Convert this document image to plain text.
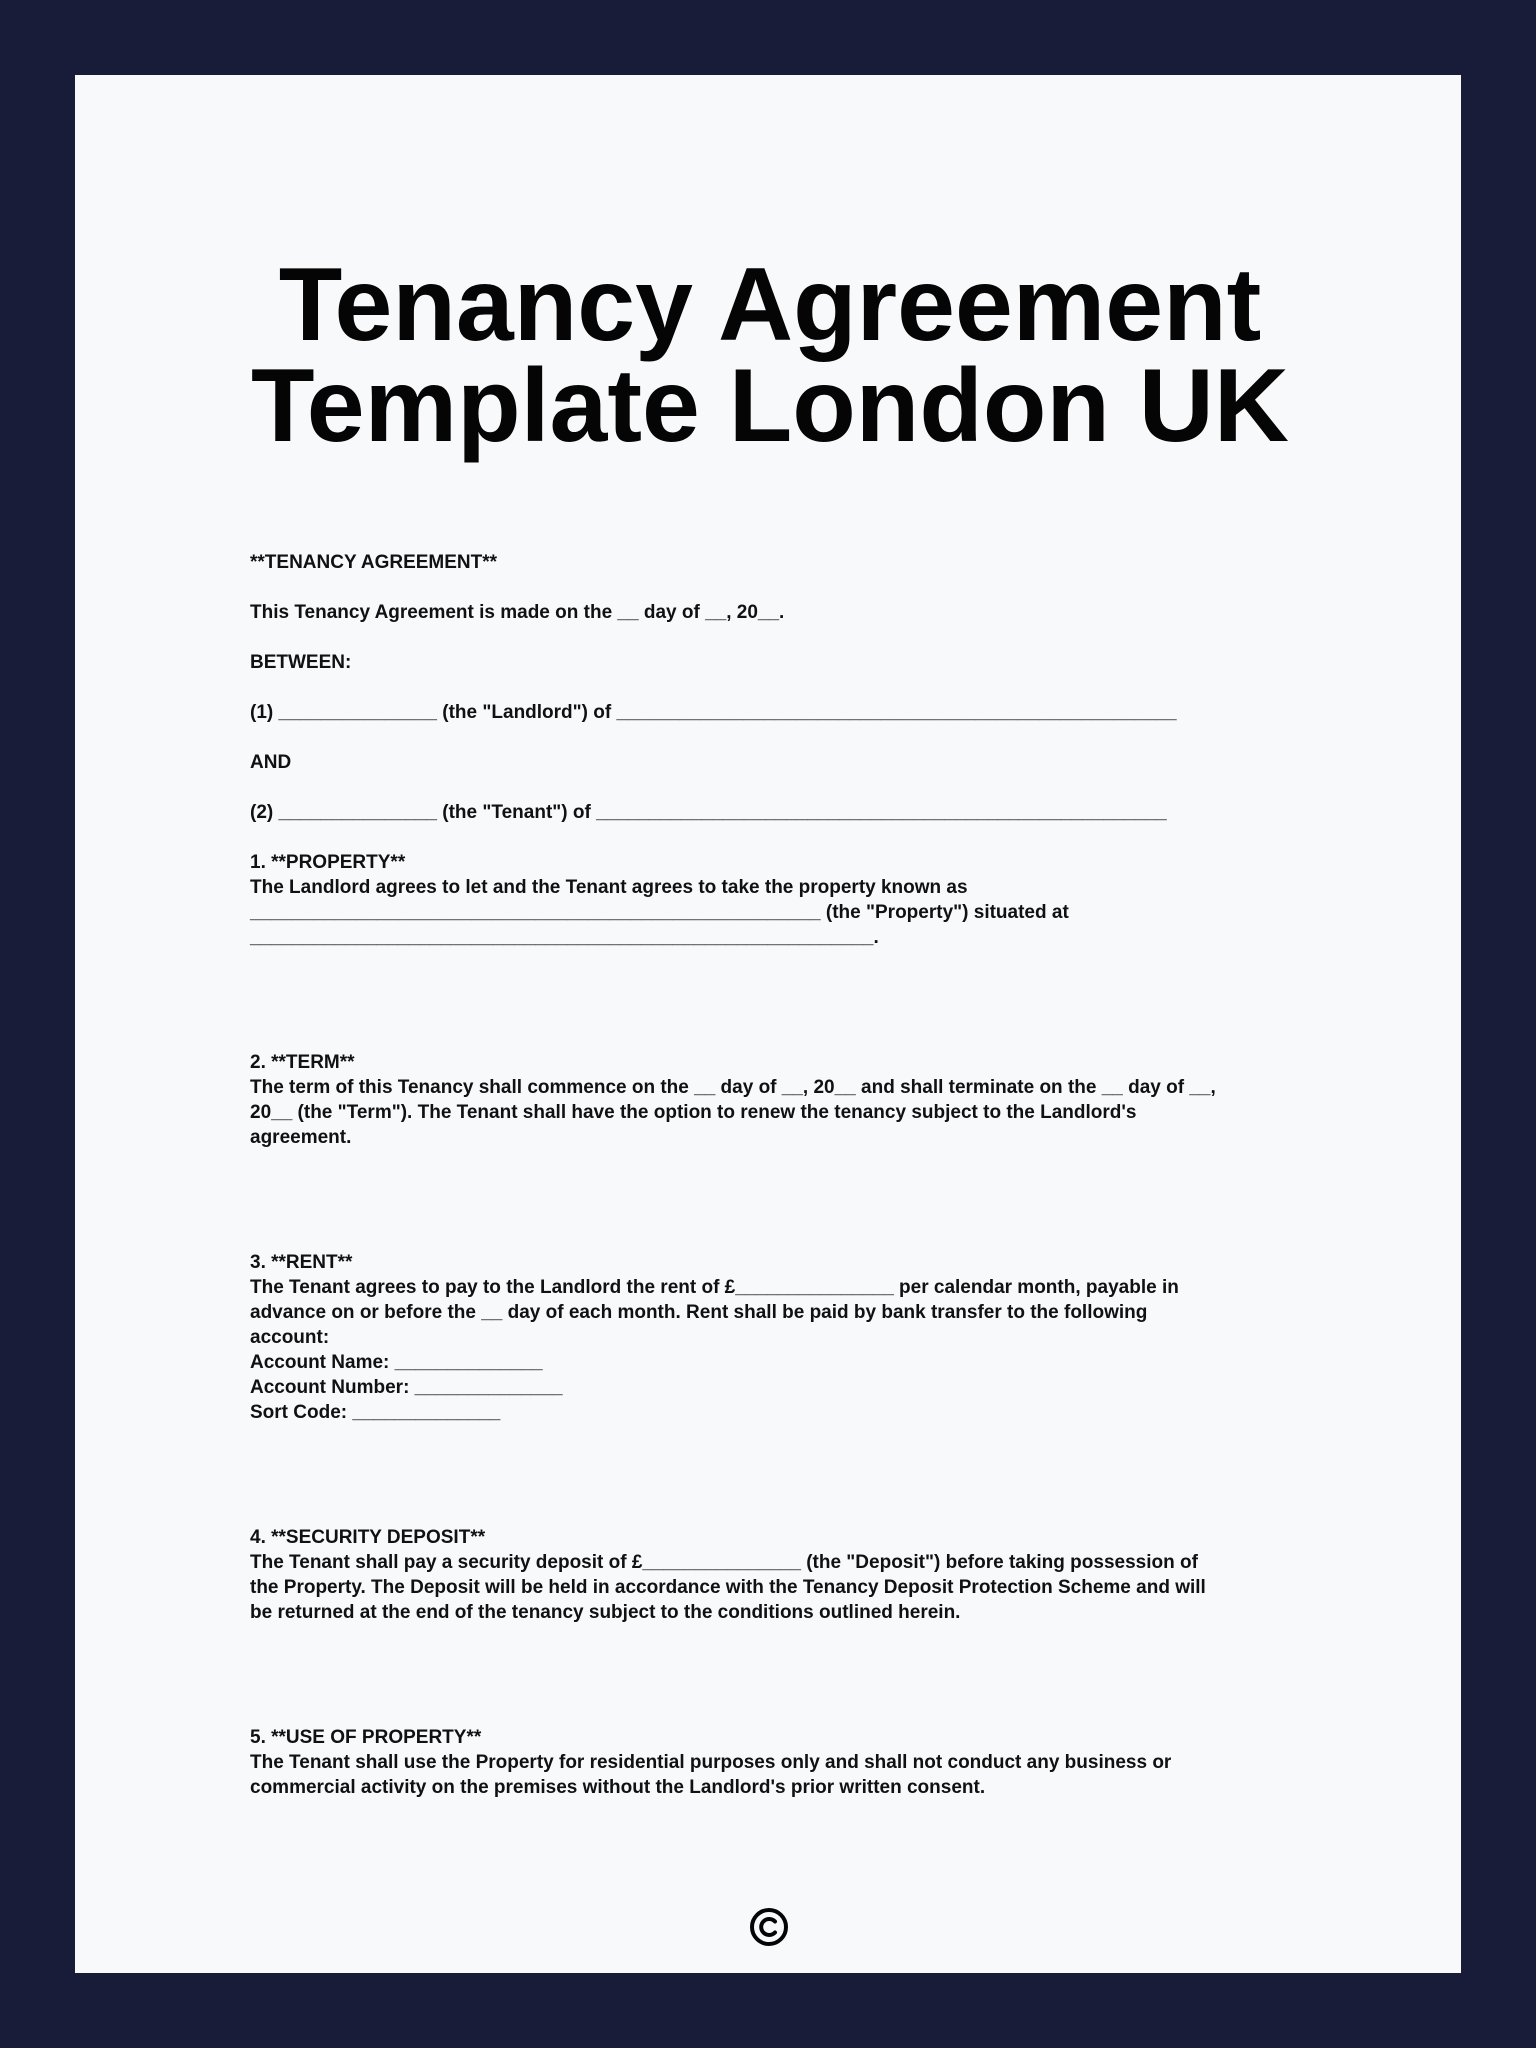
Tenancy Agreement
Template London UK

**TENANCY AGREEMENT**

This Tenancy Agreement is made on the __ day of __, 20__.

BETWEEN:

(1) _______________ (the "Landlord") of _____________________________________________________

AND

(2) _______________ (the "Tenant") of ______________________________________________________

1. **PROPERTY**
The Landlord agrees to let and the Tenant agrees to take the property known as
______________________________________________________ (the "Property") situated at
___________________________________________________________.
2. **TERM**
The term of this Tenancy shall commence on the __ day of __, 20__ and shall terminate on the __ day of __,
20__ (the "Term"). The Tenant shall have the option to renew the tenancy subject to the Landlord's
agreement.
3. **RENT**
The Tenant agrees to pay to the Landlord the rent of £_______________ per calendar month, payable in
advance on or before the __ day of each month. Rent shall be paid by bank transfer to the following
account:
Account Name: ______________
Account Number: ______________
Sort Code: ______________
4. **SECURITY DEPOSIT**
The Tenant shall pay a security deposit of £_______________ (the "Deposit") before taking possession of
the Property. The Deposit will be held in accordance with the Tenancy Deposit Protection Scheme and will
be returned at the end of the tenancy subject to the conditions outlined herein.
5. **USE OF PROPERTY**
The Tenant shall use the Property for residential purposes only and shall not conduct any business or
commercial activity on the premises without the Landlord's prior written consent.
